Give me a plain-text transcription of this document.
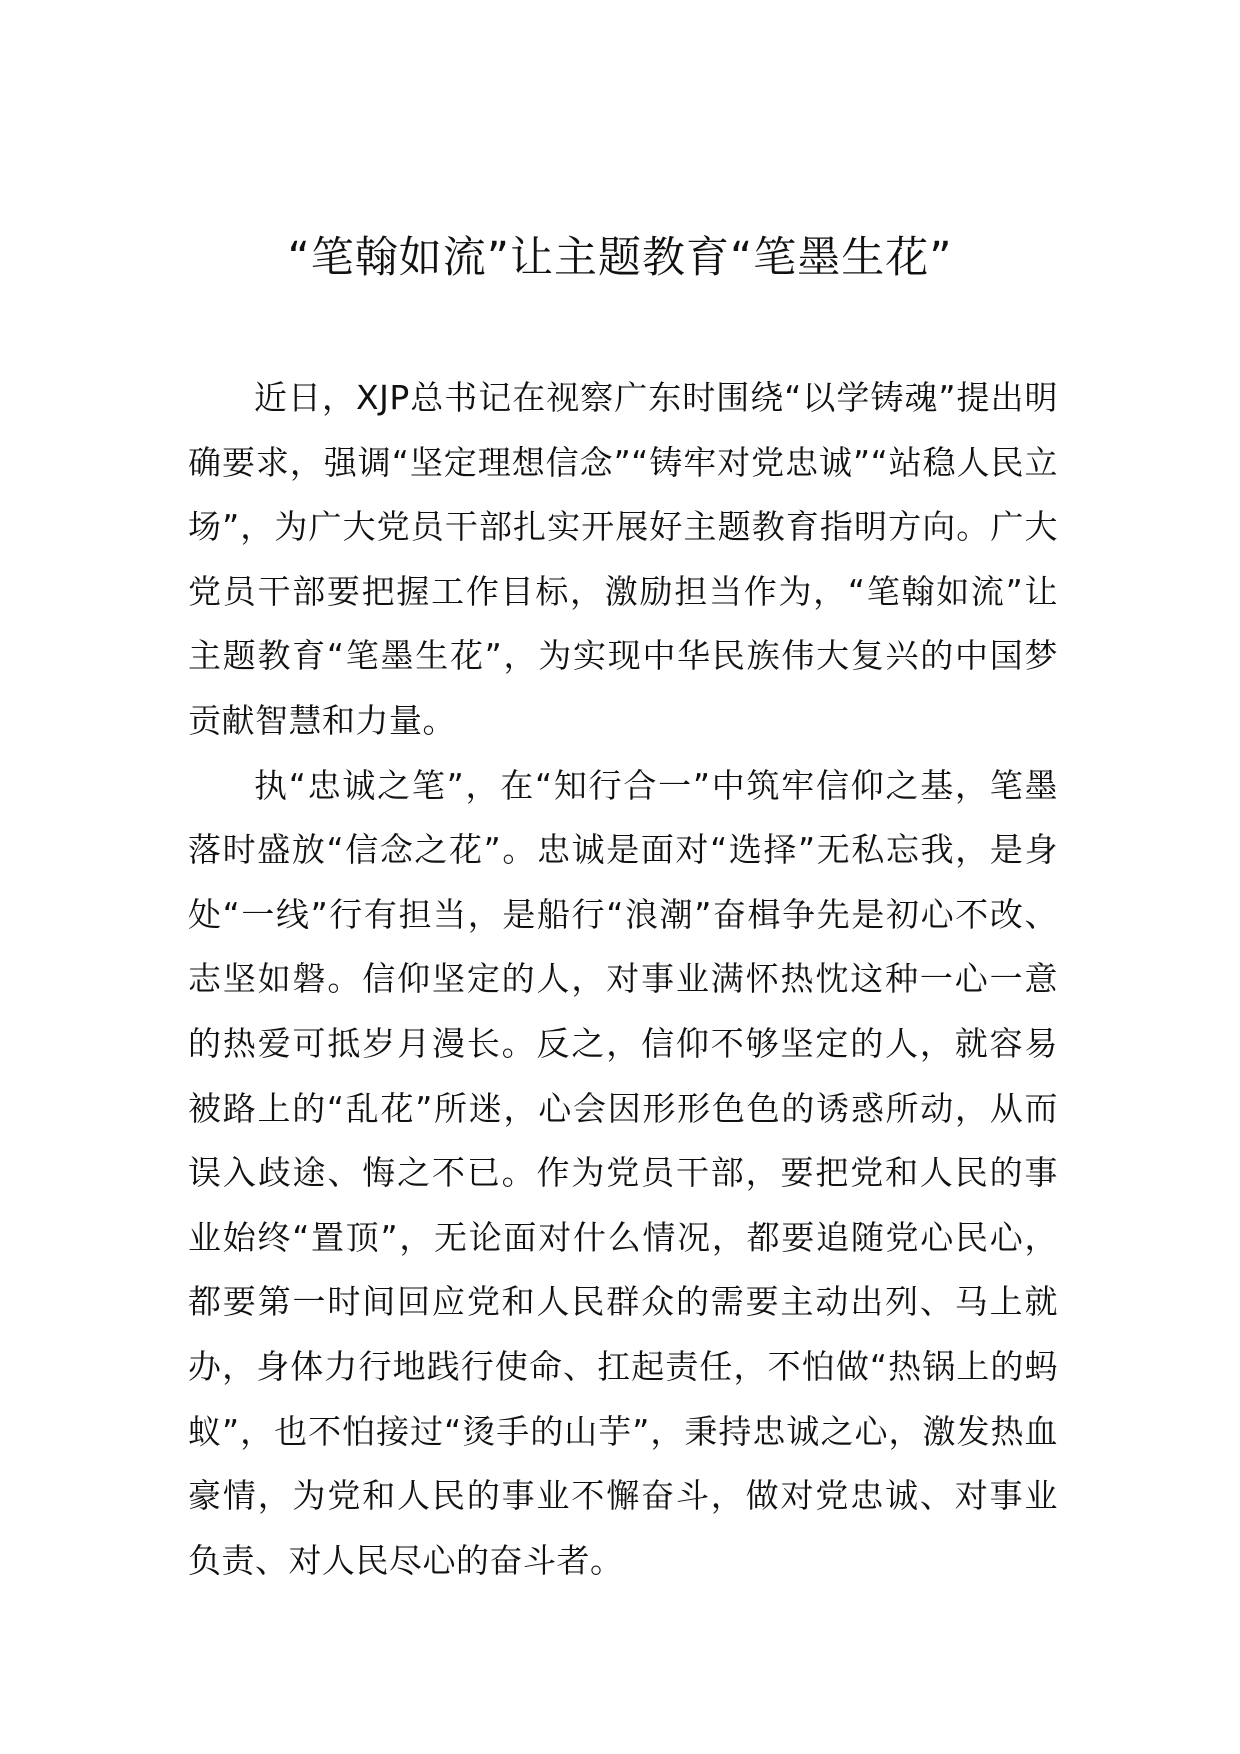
“笔翰如流”让主题教育“笔墨生花”

近日，XJP总书记在视察广东时围绕“以学铸魂”提出明确要求，强调“坚定理想信念”“铸牢对党忠诚”“站稳人民立场”，为广大党员干部扎实开展好主题教育指明方向。广大党员干部要把握工作目标，激励担当作为，“笔翰如流”让主题教育“笔墨生花”，为实现中华民族伟大复兴的中国梦贡献智慧和力量。

执“忠诚之笔”，在“知行合一”中筑牢信仰之基，笔墨落时盛放“信念之花”。忠诚是面对“选择”无私忘我，是身处“一线”行有担当，是船行“浪潮”奋楫争先是初心不改、志坚如磐。信仰坚定的人，对事业满怀热忱这种一心一意的热爱可抵岁月漫长。反之，信仰不够坚定的人，就容易被路上的“乱花”所迷，心会因形形色色的诱惑所动，从而误入歧途、悔之不已。作为党员干部，要把党和人民的事业始终“置顶”，无论面对什么情况，都要追随党心民心，都要第一时间回应党和人民群众的需要主动出列、马上就办，身体力行地践行使命、扛起责任，不怕做“热锅上的蚂蚁”，也不怕接过“烫手的山芋”，秉持忠诚之心，激发热血豪情，为党和人民的事业不懈奋斗，做对党忠诚、对事业负责、对人民尽心的奋斗者。
